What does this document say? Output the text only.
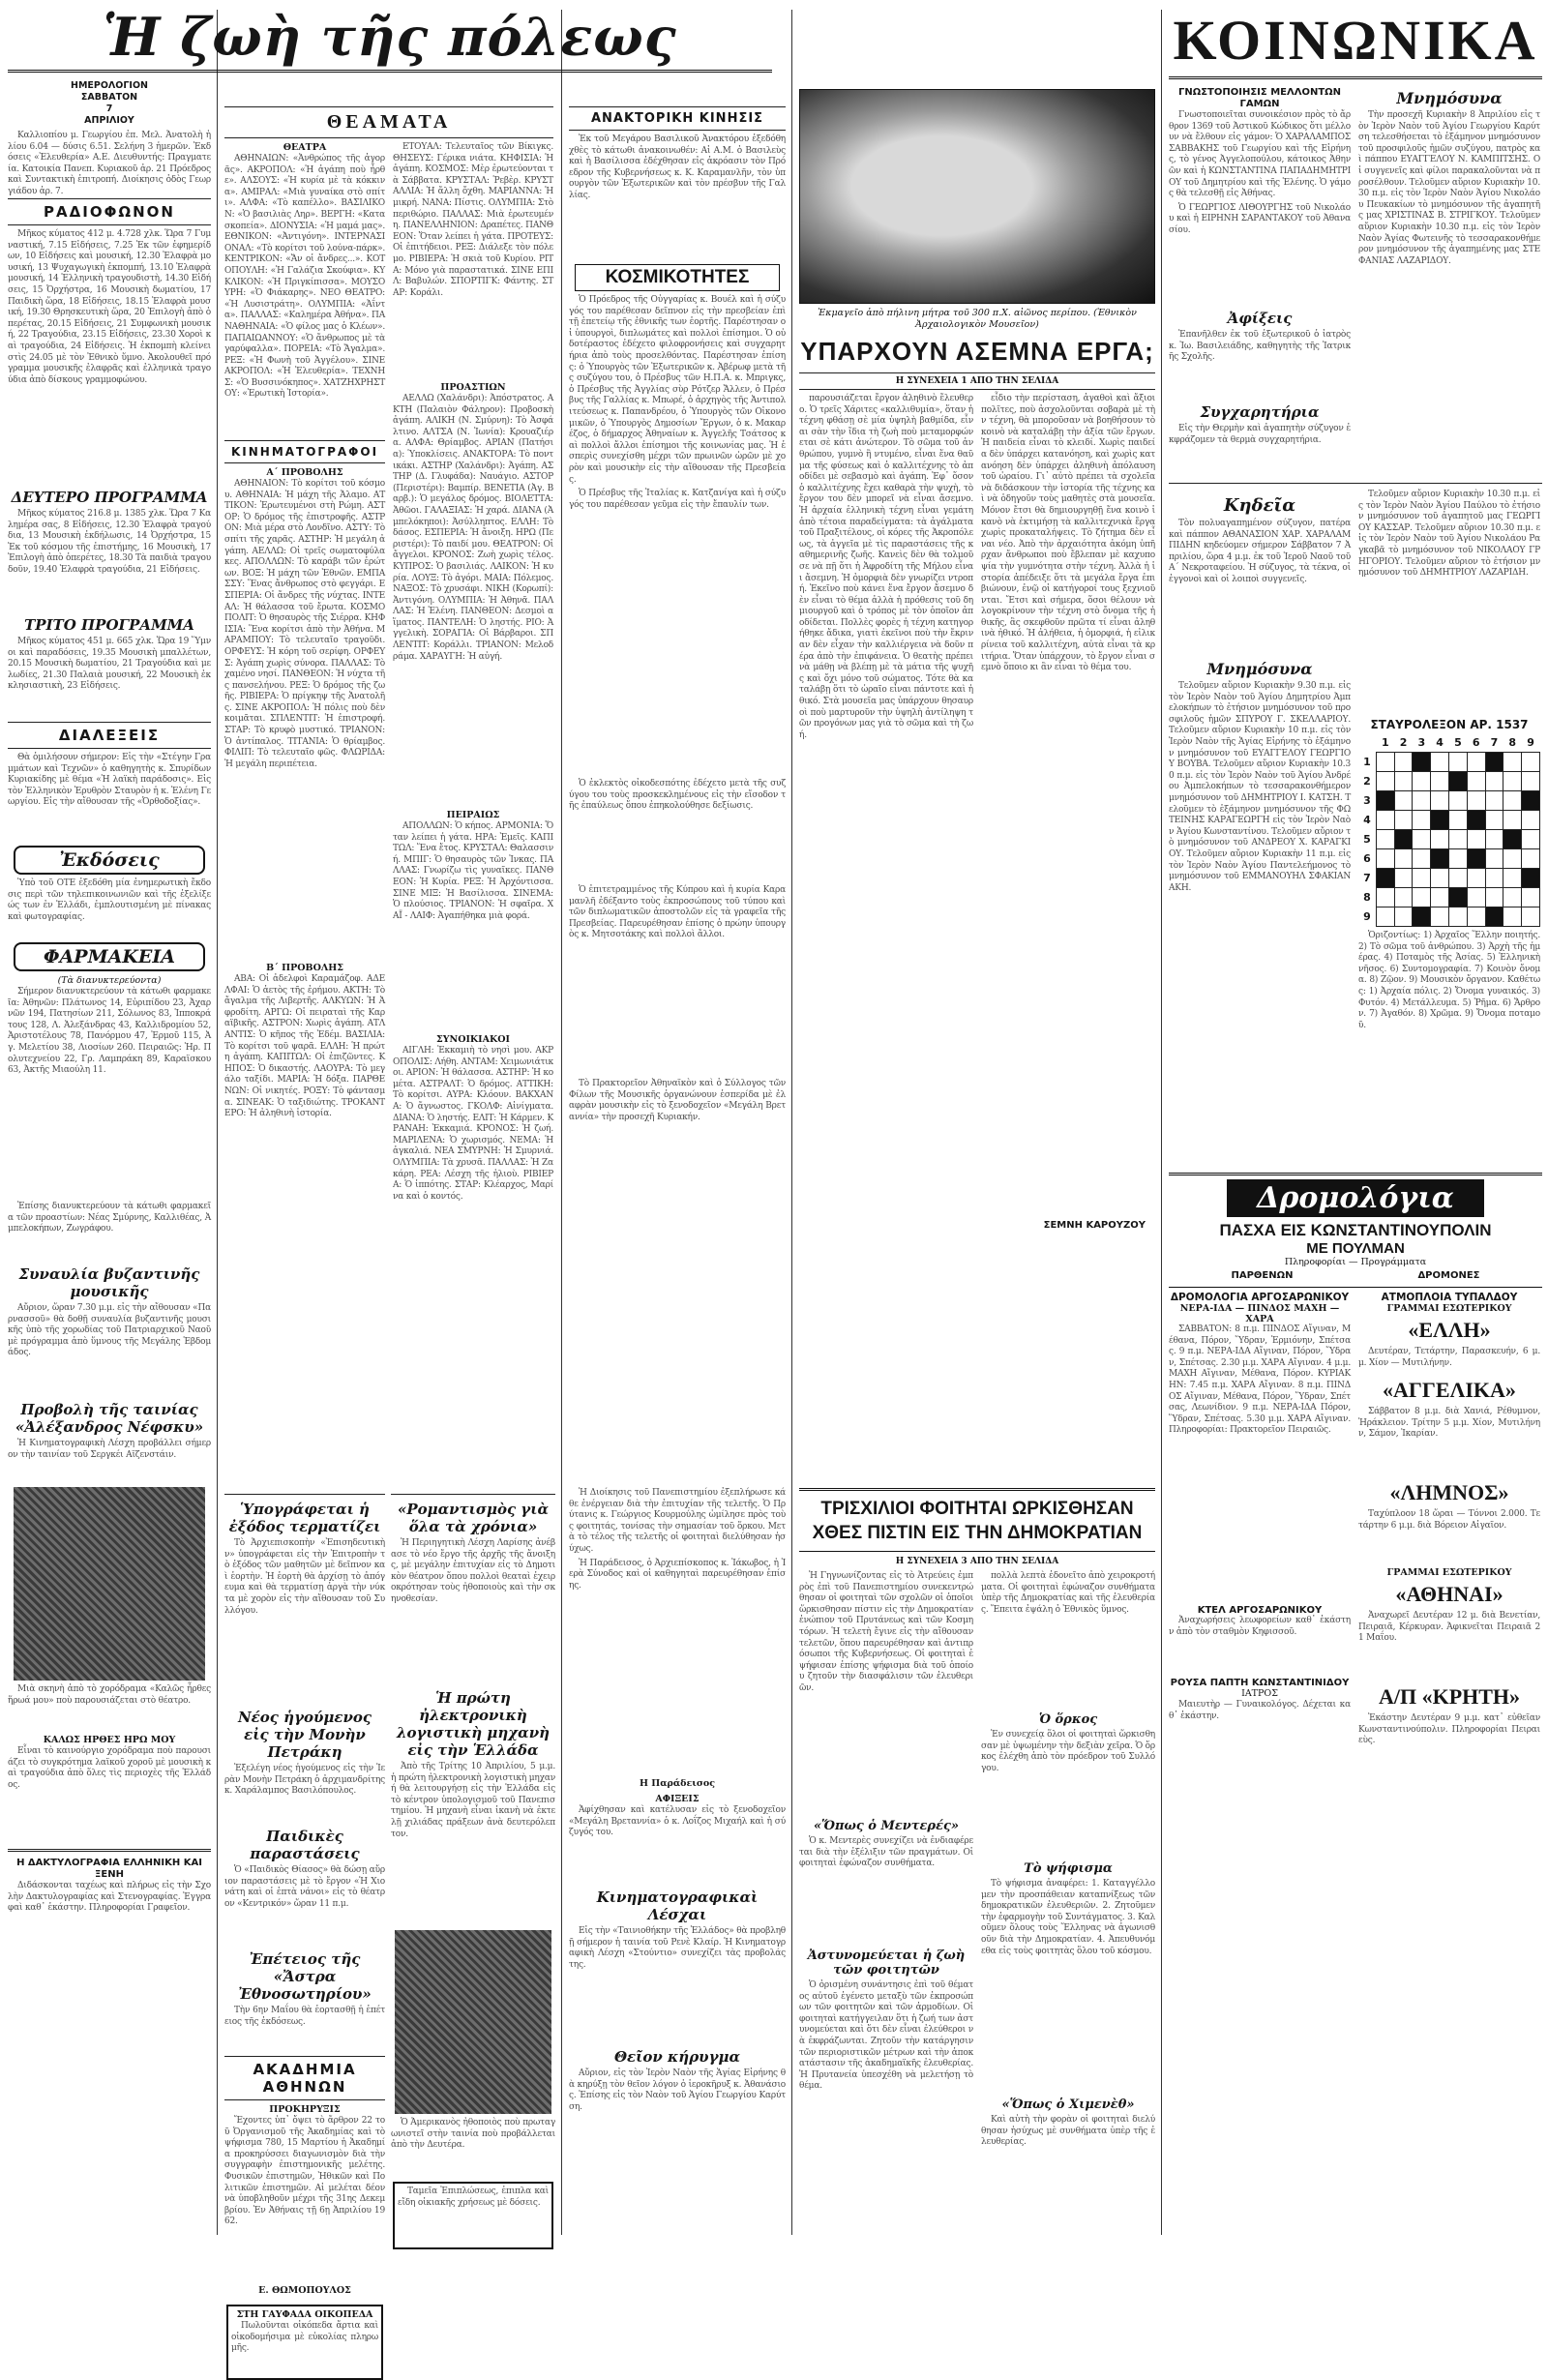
Ἡ ζωὴ τῆς πόλεως
ΗΜΕΡΟΛΟΓΙΟΝ
ΣΑΒΒΑΤΟΝ
7
ΑΠΡΙΛΙΟΥ

Καλλιοπίου μ. Γεωργίου ἐπ. Μελ. Ἀνατολὴ ἡλίου 6.04 — δύσις 6.51. Σελήνη 3 ἡμερῶν. Ἐκδόσεις «Ἐλευθερία» Α.Ε. Διευθυντής: Πραγματεία. Κατοικία Πανεπ. Κυριακοῦ ἀρ. 21 Πρόεδρος καὶ Συντακτικὴ ἐπιτροπή. Διοίκησις ὁδὸς Γεωργιάδου ἀρ. 7.

ΡΑΔΙΟΦΩΝΟΝ

Μῆκος κύματος 412 μ. 4.728 χλκ. Ὥρα 7 Γυμναστική, 7.15 Εἰδήσεις, 7.25 Ἐκ τῶν ἐφημερίδων, 10 Εἰδήσεις καὶ μουσική, 12.30 Ἐλαφρὰ μουσική, 13 Ψυχαγωγικὴ ἐκπομπή, 13.10 Ἐλαφρὰ μουσική, 14 Ἑλληνικὴ τραγουδιστὴ, 14.30 Εἰδήσεις, 15 Ὀρχήστρα, 16 Μουσικὴ δωματίου, 17 Παιδικὴ ὥρα, 18 Εἰδήσεις, 18.15 Ἐλαφρὰ μουσική, 19.30 Θρησκευτικὴ ὥρα, 20 Ἐπιλογὴ ἀπὸ ὀπερέτας, 20.15 Εἰδήσεις, 21 Συμφωνικὴ μουσική, 22 Τραγούδια, 23.15 Εἰδήσεις, 23.30 Χοροὶ καὶ τραγούδια, 24 Εἰδήσεις. Ἡ ἐκπομπὴ κλείνει στὶς 24.05 μὲ τὸν Ἐθνικὸ ὕμνο. Ἀκολουθεῖ πρόγραμμα μουσικῆς ἐλαφρᾶς καὶ ἑλληνικὰ τραγούδια ἀπὸ δίσκους γραμμοφώνου.

ΔΕΥΤΕΡΟ ΠΡΟΓΡΑΜΜΑ

Μῆκος κύματος 216.8 μ. 1385 χλκ. Ὥρα 7 Καλημέρα σας, 8 Εἰδήσεις, 12.30 Ἐλαφρὰ τραγούδια, 13 Μουσικὴ ἐκδήλωσις, 14 Ὀρχήστρα, 15 Ἐκ τοῦ κόσμου τῆς ἐπιστήμης, 16 Μουσικὴ, 17 Ἐπιλογὴ ἀπὸ ὀπερέτες, 18.30 Τὰ παιδιὰ τραγουδοῦν, 19.40 Ἐλαφρὰ τραγούδια, 21 Εἰδήσεις.

ΤΡΙΤΟ ΠΡΟΓΡΑΜΜΑ

Μῆκος κύματος 451 μ. 665 χλκ. Ὥρα 19 Ὕμνοι καὶ παραδόσεις, 19.35 Μουσικὴ μπαλλέτων, 20.15 Μουσικὴ δωματίου, 21 Τραγούδια καὶ μελωδίες, 21.30 Παλαιὰ μουσική, 22 Μουσικὴ ἐκκλησιαστικὴ, 23 Εἰδήσεις.

ΔΙΑΛΕΞΕΙΣ

Θὰ ὁμιλήσουν σήμερον: Εἰς τὴν «Στέγην Γραμμάτων καὶ Τεχνῶν» ὁ καθηγητὴς κ. Σπυρίδων Κυριακίδης μὲ θέμα «Ἡ λαϊκὴ παράδοσις». Εἰς τὸν Ἐλληνικὸν Ἐρυθρὸν Σταυρὸν ἡ κ. Ἑλένη Γεωργίου. Εἰς τὴν αἴθουσαν τῆς «Ὀρθοδοξίας».

Ἐκδόσεις

Ὑπὸ τοῦ ΟΤΕ ἐξεδόθη μία ἐνημερωτικὴ ἔκδοσις περὶ τῶν τηλεπικοινωνιῶν καὶ τῆς ἐξελίξεώς των ἐν Ἑλλάδι, ἐμπλουτισμένη μὲ πίνακας καὶ φωτογραφίας.

ΦΑΡΜΑΚΕΙΑ
(Τὰ διανυκτερεύοντα)

Σήμερον διανυκτερεύουν τὰ κάτωθι φαρμακεῖα: Ἀθηνῶν: Πλάτωνος 14, Εὐριπίδου 23, Ἀχαρνῶν 194, Πατησίων 211, Σόλωνος 83, Ἱπποκράτους 128, Λ. Ἀλεξάνδρας 43, Καλλιδρομίου 52, Ἀριστοτέλους 78, Πανόρμου 47, Ἐρμοῦ 115, Ἀγ. Μελετίου 38, Λιοσίων 260. Πειραιῶς: Ἡρ. Πολυτεχνείου 22, Γρ. Λαμπράκη 89, Καραϊσκου 63, Ἀκτῆς Μιαούλη 11.

Ἐπίσης διανυκτερεύουν τὰ κάτωθι φαρμακεῖα τῶν προαστίων: Νέας Σμύρνης, Καλλιθέας, Ἀμπελοκήπων, Ζωγράφου.

Συναυλία βυζαντινῆς μουσικῆς

Αὔριον, ὥραν 7.30 μ.μ. εἰς τὴν αἴθουσαν «Παρνασσοῦ» θὰ δοθῇ συναυλία βυζαντινῆς μουσικῆς ὑπὸ τῆς χορωδίας τοῦ Πατριαρχικοῦ Ναοῦ μὲ πρόγραμμα ἀπὸ ὕμνους τῆς Μεγάλης Ἑβδομάδος.

Προβολὴ τῆς ταινίας «Ἀλέξανδρος Νέφσκυ»

Ἡ Κινηματογραφικὴ Λέσχη προβάλλει σήμερον τὴν ταινίαν τοῦ Σεργκέι Αϊζενστάιν.

Μιὰ σκηνὴ ἀπὸ τὸ χορόδραμα «Καλῶς ἦρθες ἥρωά μου» ποὺ παρουσιάζεται στὸ θέατρο.

ΚΑΛΩΣ ΗΡΘΕΣ ΗΡΩ ΜΟΥ

Εἶναι τὸ καινούργιο χορόδραμα ποὺ παρουσιάζει τὸ συγκρότημα λαϊκοῦ χοροῦ μὲ μουσικὴ καὶ τραγούδια ἀπὸ ὅλες τὶς περιοχὲς τῆς Ἑλλάδος.

Η ΔΑΚΤΥΛΟΓΡΑΦΙΑ ΕΛΛΗΝΙΚΗ ΚΑΙ ΞΕΝΗ

Διδάσκονται ταχέως καὶ πλήρως εἰς τὴν Σχολὴν Δακτυλογραφίας καὶ Στενογραφίας. Ἐγγραφαὶ καθ᾽ ἑκάστην. Πληροφορίαι Γραφεῖον.

ΘΕΑΜΑΤΑ
ΘΕΑΤΡΑ

ΑΘΗΝΑΙΩΝ: «Ἀνθρώπος τῆς ἀγορᾶς». ΑΚΡΟΠΟΛ: «Ἡ ἀγάπη ποὺ ἦρθε». ΑΛΣΟΥΣ: «Ἡ κυρία μὲ τὰ κόκκινα». ΑΜΙΡΑΛ: «Μιὰ γυναίκα στὸ σπίτι». ΑΛΦΑ: «Τὸ καπέλλο». ΒΑΣΙΛΙΚΟΝ: «Ὁ βασιλιὰς Ληρ». ΒΕΡΓΗ: «Κατασκοπεία». ΔΙΟΝΥΣΙΑ: «Ἡ μαμά μας». ΕΘΝΙΚΟΝ: «Ἀντιγόνη». ΙΝΤΕΡΝΑΣΙΟΝΑΛ: «Τὸ κορίτσι τοῦ λούνα-πάρκ». ΚΕΝΤΡΙΚΟΝ: «Ἄν οἱ ἄνδρες...». ΚΟΤΟΠΟΥΛΗ: «Ἡ Γαλάζια Σκούφια». ΚΥΚΛΙΚΟΝ: «Ἡ Πριγκίπισσα». ΜΟΥΣΟΥΡΗ: «Ὁ Φιάκαρης». ΝΕΟ ΘΕΑΤΡΟ: «Ἡ Λυσιστράτη». ΟΛΥΜΠΙΑ: «Ἀΐντα». ΠΑΛΛΑΣ: «Καλημέρα Ἀθήνα». ΠΑΝΑΘΗΝΑΙΑ: «Ὁ φίλος μας ὁ Κλέων». ΠΑΠΑΙΩΑΝΝΟΥ: «Ὁ ἄνθρωπος μὲ τὰ γαρύφαλλα». ΠΟΡΕΙΑ: «Τὸ Ἄγαλμα». ΡΕΞ: «Ἡ Φωνὴ τοῦ Ἀγγέλου». ΣΙΝΕ ΑΚΡΟΠΟΛ: «Ἡ Ἐλευθερία». ΤΕΧΝΗΣ: «Ὁ Βυσσινόκηπος». ΧΑΤΖΗΧΡΗΣΤΟΥ: «Ἐρωτικὴ Ἱστορία».

ΚΙΝΗΜΑΤΟΓΡΑΦΟΙ
Α΄ ΠΡΟΒΟΛΗΣ

ΑΘΗΝΑΙΟΝ: Τὸ κορίτσι τοῦ κόσμου. ΑΘΗΝΑΙΑ: Ἡ μάχη τῆς Ἀλαμο. ΑΤΤΙΚΟΝ: Ἐρωτευμένοι στὴ Ρώμη. ΑΣΤΟΡ: Ὁ δρόμος τῆς ἐπιστροφῆς. ΑΣΤΡΟΝ: Μιὰ μέρα στὸ Λονδῖνο. ΑΣΤΥ: Τὸ σπίτι τῆς χαρᾶς. ΑΣΤΗΡ: Ἡ μεγάλη ἀγάπη. ΑΕΛΛΩ: Οἱ τρεῖς σωματοφύλακες. ΑΠΟΛΛΩΝ: Τὸ καράβι τῶν ἐρώτων. ΒΟΞ: Ἡ μάχη τῶν Ἐθνῶν. ΕΜΠΑΣΣΥ: Ἕνας ἄνθρωπος στὸ φεγγάρι. ΕΣΠΕΡΙΑ: Οἱ ἄνδρες τῆς νύχτας. ΙΝΤΕΑΛ: Ἡ θάλασσα τοῦ ἔρωτα. ΚΟΣΜΟΠΟΛΙΤ: Ὁ θησαυρὸς τῆς Σιέρρα. ΚΗΦΙΣΙΑ: Ἕνα κορίτσι ἀπὸ τὴν Ἀθήνα. ΜΑΡΑΜΠΟΥ: Τὸ τελευταῖο τραγοῦδι. ΟΡΦΕΥΣ: Ἡ κόρη τοῦ σερίφη. ΟΡΦΕΥΣ: Ἀγάπη χωρὶς σύνορα. ΠΑΛΛΑΣ: Τὸ χαμένο νησί. ΠΑΝΘΕΟΝ: Ἡ νύχτα τῆς πανσελήνου. ΡΕΞ: Ὁ δρόμος τῆς ζωῆς. ΡΙΒΙΕΡΑ: Ὁ πρίγκηψ τῆς Ἀνατολῆς. ΣΙΝΕ ΑΚΡΟΠΟΛ: Ἡ πόλις ποὺ δὲν κοιμᾶται. ΣΠΛΕΝΤΙΤ: Ἡ ἐπιστροφή. ΣΤΑΡ: Τὸ κρυφὸ μυστικό. ΤΡΙΑΝΟΝ: Ὁ ἀντίπαλος. ΤΙΤΑΝΙΑ: Ὁ θρίαμβος. ΦΙΛΙΠ: Τὸ τελευταῖο φῶς. ΦΛΩΡΙΔΑ: Ἡ μεγάλη περιπέτεια.

Β΄ ΠΡΟΒΟΛΗΣ

ΑΒΑ: Οἱ ἀδελφοὶ Καραμάζοφ. ΑΔΕΛΦΑΙ: Ὁ ἀετὸς τῆς ἐρήμου. ΑΚΤΗ: Τὸ ἄγαλμα τῆς Λιβερτῆς. ΑΛΚΥΩΝ: Ἡ Ἀφροδίτη. ΑΡΓΩ: Οἱ πειραταὶ τῆς Καραϊβικῆς. ΑΣΤΡΟΝ: Χωρὶς ἀγάπη. ΑΤΛΑΝΤΙΣ: Ὁ κῆπος τῆς Ἐδέμ. ΒΑΣΙΛΙΑ: Τὸ κορίτσι τοῦ ψαρᾶ. ΕΛΛΗ: Ἡ πρώτη ἀγάπη. ΚΑΠΙΤΩΛ: Οἱ ἐπιζῶντες. ΚΗΠΟΣ: Ὁ δικαστής. ΛΑΟΥΡΑ: Τὸ μεγάλο ταξίδι. ΜΑΡΙΑ: Ἡ δόξα. ΠΑΡΘΕΝΩΝ: Οἱ νικητές. ΡΟΞΥ: Τὸ φάντασμα. ΣΙΝΕΑΚ: Ὁ ταξιδιώτης. ΤΡΟΚΑΝΤΕΡΟ: Ἡ ἀληθινὴ ἱστορία.

ΕΤΟΥΑΛ: Τελευταῖος τῶν Βίκιγκς. ΘΗΣΕΥΣ: Γέρικα νιάτα. ΚΗΦΙΣΙΑ: Ἡ ἀγάπη. ΚΟΣΜΟΣ: Μὲρ ἐρωτεύονται τὰ Σάββατα. ΚΡΥΣΤΑΛ: Ῥεβὲρ. ΚΡΥΣΤΑΛΛΙΑ: Ἡ ἄλλη ὄχθη. ΜΑΡΙΑΝΝΑ: Ἡ μικρή. ΝΑΝΑ: Πίστις. ΟΛΥΜΠΙΑ: Στὸ περιθώριο. ΠΑΛΛΑΣ: Μιὰ ἐρωτευμένη. ΠΑΝΕΛΛΗΝΙΟΝ: Δραπέτες. ΠΑΝΘΕΟΝ: Ὅταν λείπει ἡ γάτα. ΠΡΟΤΕΥΣ: Οἱ ἐπιτήδειοι. ΡΕΞ: Διάλεξε τὸν πόλεμο. ΡΙΒΙΕΡΑ: Ἡ σκιὰ τοῦ Κυρίου. ΡΙΤΑ: Μόνο γιὰ παραστατικά. ΣΙΝΕ ΕΠΙΛ: Βαβυλών. ΣΠΟΡΤΙΓΚ: Φάντης. ΣΤΑΡ: Κοράλι.

ΠΡΟΑΣΤΙΩΝ

ΑΕΛΛΩ (Χαλάνδρι): Ἀπόστρατος. ΑΚΤΗ (Παλαιὸν Φάληρον): Προβοσκὴ ἀγάπη. ΑΛΙΚΗ (Ν. Σμύρνη): Τὸ Ἀσφάλτινο. ΑΛΤΣΑ (Ν. Ἰωνία): Κρουαζιέρα. ΑΛΦΑ: Θρίαμβος. ΑΡΙΑΝ (Πατήσια): Ὑποκλίσεις. ΑΝΑΚΤΟΡΑ: Τὸ ποντικάκι. ΑΣΤΗΡ (Χαλάνδρι): Ἀγάπη. ΑΣΤΗΡ (Δ. Γλυφάδα): Ναυάγιο. ΑΣΤΟΡ (Περιστέρι): Βαμπίρ. ΒΕΝΕΤΙΑ (Ἀγ. Βαρβ.): Ὁ μεγάλος δρόμος. ΒΙΟΛΕΤΤΑ: Ἀθῶοι. ΓΑΛΑΞΙΑΣ: Ἡ χαρά. ΔΙΑΝΑ (Ἀμπελόκηποι): Ἀσύλληπτος. ΕΛΛΗ: Τὸ δάσος. ΕΣΠΕΡΙΑ: Ἡ ἄνοιξη. ΗΡΩ (Περιστέρι): Τὸ παιδί μου. ΘΕΑΤΡΟΝ: Οἱ ἄγγελοι. ΚΡΟΝΟΣ: Ζωὴ χωρὶς τέλος. ΚΥΠΡΟΣ: Ὁ βασιλιάς. ΛΑΙΚΟΝ: Ἡ κυρία. ΛΟΥΞ: Τὸ ἀγόρι. ΜΑΙΑ: Πόλεμος. ΝΑΞΟΣ: Τὸ χρυσάφι. ΝΙΚΗ (Κορωπί): Ἀντιγόνη. ΟΛΥΜΠΙΑ: Ἡ Ἀθηνᾶ. ΠΑΛΛΑΣ: Ἡ Ἑλένη. ΠΑΝΘΕΟΝ: Δεσμοὶ αἵματος. ΠΑΝΤΕΛΗ: Ὁ ληστής. ΡΙΟ: Ἀγγελικὴ. ΣΟΡΑΓΙΑ: Οἱ Βάρβαροι. ΣΠΛΕΝΤΙΤ: Κοράλλι. ΤΡΙΑΝΟΝ: Μελοδράμα. ΧΑΡΑΥΓΗ: Ἡ αὐγή.

ΠΕΙΡΑΙΩΣ

ΑΠΟΛΛΩΝ: Ὁ κήπος. ΑΡΜΟΝΙΑ: Ὅταν λείπει ἡ γάτα. ΗΡΑ: Ἐμεῖς. ΚΑΠΙΤΩΛ: Ἕνα ἔτος. ΚΡΥΣΤΑΛ: Θαλασσινή. ΜΠΙΓ: Ὁ θησαυρὸς τῶν Ἰνκας. ΠΑΛΛΑΣ: Γνωρίζω τὶς γυναῖκες. ΠΑΝΘΕΟΝ: Ἡ Κυρία. ΡΕΞ: Ἡ Ἀρχόντισσα. ΣΙΝΕ ΜΙΞ: Ἡ Βασίλισσα. ΣΙΝΕΜΑ: Ὁ πλούσιος. ΤΡΙΑΝΟΝ: Ἡ σφαῖρα. ΧΑΪ - ΛΑΙΦ: Ἀγαπήθηκα μιὰ φορά.

ΣΥΝΟΙΚΙΑΚΟΙ

ΑΙΓΛΗ: Ἐκκαμιὴ τὸ νησὶ μου. ΑΚΡΟΠΟΛΙΣ: Λήθη. ΑΝΤΑΜ: Χειμωνιάτικοι. ΑΡΙΟΝ: Ἡ θάλασσα. ΑΣΤΗΡ: Ἡ κομέτα. ΑΣΤΡΑΛΤ: Ὁ δρόμος. ΑΤΤΙΚΗ: Τὸ κορίτσι. ΑΥΡΑ: Κλόουν. ΒΑΚΧΑΝΑ: Ὁ ἄγνωστος. ΓΚΟΛΦ: Αἰνίγματα. ΔΙΑΝΑ: Ὁ ληστής. ΕΛΙΤ: Ἡ Κάρμεν. ΚΡΑΝΑΗ: Ἐκκαμιά. ΚΡΟΝΟΣ: Ἡ ζωή. ΜΑΡΙΛΕΝΑ: Ὁ χωρισμός. ΝΕΜΑ: Ἡ ἀγκαλιά. ΝΕΑ ΣΜΥΡΝΗ: Ἡ Σμυρνιά. ΟΛΥΜΠΙΑ: Τὰ χρυσᾶ. ΠΑΛΛΑΣ: Ἡ Ζακάρη. ΡΕΑ: Λέσχη τῆς ἡλιοὺ. ΡΙΒΙΕΡΑ: Ὁ ἰππότης. ΣΤΑΡ: Κλέαρχος, Μαρίνα καὶ ὁ κοντός.

Ὑπογράφεται ἡ ἐξόδος τερματίζει

Τὸ Ἀρχιεπισκοπὴν «Ἐπισηδευτικὴν» ὑπογράφεται εἰς τὴν Ἐπιτροπὴν τὸ ἐξόδος τῶν μαθητῶν μὲ δεῖπνον καὶ ἑορτὴν. Ἡ ἑορτὴ θὰ ἀρχίσῃ τὸ ἀπόγευμα καὶ θὰ τερματίσῃ ἀργὰ τὴν νύκτα μὲ χορὸν εἰς τὴν αἴθουσαν τοῦ Συλλόγου.

Νέος ἡγούμενος εἰς τὴν Μονὴν Πετράκη

Ἐξελέγη νέος ἡγούμενος εἰς τὴν Ἱερὰν Μονὴν Πετράκη ὁ ἀρχιμανδρίτης κ. Χαράλαμπος Βασιλόπουλος.

Παιδικὲς παραστάσεις

Ὁ «Παιδικὸς Θίασος» θὰ δώσῃ αὔριον παραστάσεις μὲ τὸ ἔργον «Ἡ Χιονάτη καὶ οἱ ἑπτὰ νάνοι» εἰς τὸ θέατρον «Κεντρικόν» ὥραν 11 π.μ.

Ἐπέτειος τῆς «Ἄστρα Ἐθνοσωτηρίου»

Τὴν 6ην Μαΐου θὰ ἑορτασθῇ ἡ ἐπέτειος τῆς ἐκδόσεως.

ΑΚΑΔΗΜΙΑ ΑΘΗΝΩΝ
ΠΡΟΚΗΡΥΞΙΣ

Ἔχοντες ὑπ᾽ ὄψει τὸ ἄρθρον 22 τοῦ Ὀργανισμοῦ τῆς Ἀκαδημίας καὶ τὸ ψήφισμα 780, 15 Μαρτίου ἡ Ἀκαδημία προκηρύσσει διαγωνισμὸν διὰ τὴν συγγραφὴν ἐπιστημονικῆς μελέτης. Φυσικῶν ἐπιστημῶν, Ἠθικῶν καὶ Πολιτικῶν ἐπιστημῶν. Αἱ μελέται δέον νὰ ὑποβληθοῦν μέχρι τῆς 31ης Δεκεμβρίου. Ἐν Ἀθήναις τῇ 6ῃ Ἀπριλίου 1962.

Ε. ΘΩΜΟΠΟΥΛΟΣ
ΣΤΗ ΓΑΥΦΑΔΑ ΟΙΚΟΠΕΔΑ

Πωλοῦνται οἰκόπεδα ἄρτια καὶ οἰκοδομήσιμα μὲ εὐκολίας πληρωμῆς.

«Ρομαντισμὸς γιὰ ὅλα τὰ χρόνια»

Ἡ Περιηγητικὴ Λέσχη Λαρίσης ἀνέβασε τὸ νέο ἔργο τῆς ἀρχῆς τῆς ἄνοιξης, μὲ μεγάλην ἐπιτυχίαν εἰς τὸ Δημοτικὸν θέατρον ὅπου πολλοὶ θεαταὶ ἐχειροκρότησαν τοὺς ἠθοποιοὺς καὶ τὴν σκηνοθεσίαν.

Ἡ πρώτη ἠλεκτρονικὴ λογιστικὴ μηχανὴ εἰς τὴν Ἑλλάδα

Ἀπὸ τῆς Τρίτης 10 Ἀπριλίου, 5 μ.μ. ἡ πρώτη ἠλεκτρονικὴ λογιστικὴ μηχανή θὰ λειτουργήσῃ εἰς τὴν Ἑλλάδα εἰς τὸ κέντρον ὑπολογισμοῦ τοῦ Πανεπιστημίου. Ἡ μηχανὴ εἶναι ἱκανὴ νὰ ἐκτελῇ χιλιάδας πράξεων ἀνὰ δευτερόλεπτον.

Ὁ Ἀμερικανὸς ἠθοποιὸς ποὺ πρωταγωνιστεῖ στὴν ταινία ποὺ προβάλλεται ἀπὸ τὴν Δευτέρα.

Ταμεῖα Ἐπιπλώσεως, ἐπιπλα καὶ εἴδη οἰκιακῆς χρήσεως μὲ δόσεις.

ΑΝΑΚΤΟΡΙΚΗ ΚΙΝΗΣΙΣ

Ἐκ τοῦ Μεγάρου Βασιλικοῦ Ἀνακτόρου ἐξεδόθη χθὲς τὸ κάτωθι ἀνακοινωθέν: Αἱ Α.Μ. ὁ Βασιλεὺς καὶ ἡ Βασίλισσα ἐδέχθησαν εἰς ἀκρόασιν τὸν Πρόεδρον τῆς Κυβερνήσεως κ. Κ. Καραμανλῆν, τὸν ὑπουργὸν τῶν Ἐξωτερικῶν καὶ τὸν πρέσβυν τῆς Γαλλίας.

ΚΟΣΜΙΚΟΤΗΤΕΣ

Ὁ Πρόεδρος τῆς Οὐγγαρίας κ. Βουέλ καὶ ἡ σύζυγός του παρέθεσαν δεῖπνον εἰς τὴν πρεσβείαν ἐπὶ τῇ ἐπετείῳ τῆς ἐθνικῆς των ἑορτῆς. Παρέστησαν οἱ ὑπουργοὶ, διπλωμάτες καὶ πολλοὶ ἐπίσημοι. Ὁ οὑδοτέραστος ἐδέχετο φιλοφρονήσεις καὶ συγχαρητήρια ἀπὸ τοὺς προσελθόντας. Παρέστησαν ἐπίσης: ὁ Ὑπουργὸς τῶν Ἐξωτερικῶν κ. Ἀβέρωφ μετὰ τῆς συζύγου του, ὁ Πρέσβυς τῶν Η.Π.Α. κ. Μπριγκς, ὁ Πρέσβυς τῆς Ἀγγλίας σὺρ Ρότζερ Ἄλλεν, ὁ Πρέσβυς τῆς Γαλλίας κ. Μπωρέ, ὁ ἀρχηγὸς τῆς Ἀντιπολιτεύσεως κ. Παπανδρέου, ὁ Ὑπουργὸς τῶν Οἰκονομικῶν, ὁ Ὑπουργὸς Δημοσίων Ἔργων, ὁ κ. Μακαρέζος, ὁ δήμαρχος Ἀθηναίων κ. Ἀγγελῆς Τσάτσος καὶ πολλοὶ ἄλλοι ἐπίσημοι τῆς κοινωνίας μας. Ἡ ἑσπερὶς συνεχίσθη μέχρι τῶν πρωινῶν ὡρῶν μὲ χορὸν καὶ μουσικὴν εἰς τὴν αἴθουσαν τῆς Πρεσβείας.

Ὁ Πρέσβυς τῆς Ἰταλίας κ. Κατζανίγα καὶ ἡ σύζυγός του παρέθεσαν γεῦμα εἰς τὴν ἔπαυλίν των.

Ὁ ἐκλεκτὸς οἰκοδεσπότης ἐδέχετο μετὰ τῆς συζύγου του τοὺς προσκεκλημένους εἰς τὴν εἴσοδον τῆς ἐπαύλεως ὅπου ἐπηκολούθησε δεξίωσις.

Ὁ ἐπιτετραμμένος τῆς Κύπρου καὶ ἡ κυρία Καραμανλῆ ἐδέξαντο τοὺς ἐκπροσώπους τοῦ τύπου καὶ τῶν διπλωματικῶν ἀποστολῶν εἰς τὰ γραφεῖα τῆς Πρεσβείας. Παρευρέθησαν ἐπίσης ὁ πρώην ὑπουργὸς κ. Μητσοτάκης καὶ πολλοὶ ἄλλοι.

Τὸ Πρακτορεῖον Ἀθηναϊκὸν καὶ ὁ Σύλλογος τῶν Φίλων τῆς Μουσικῆς ὀργανώνουν ἑσπερίδα μὲ ἐλαφρὰν μουσικὴν εἰς τὸ ξενοδοχεῖον «Μεγάλη Βρεταννία» τὴν προσεχῆ Κυριακήν.

Ἡ Διοίκησις τοῦ Πανεπιστημίου ἐξεπλήρωσε κάθε ἐνέργειαν διὰ τὴν ἐπιτυχίαν τῆς τελετῆς. Ὁ Πρύτανις κ. Γεώργιος Κουρμούλης ὡμίλησε πρὸς τοὺς φοιτητάς, τονίσας τὴν σημασίαν τοῦ ὅρκου. Μετὰ τὸ τέλος τῆς τελετῆς οἱ φοιτηταὶ διελύθησαν ἡσύχως.

Ἡ Παράδεισος, ὁ Ἀρχιεπίσκοπος κ. Ἰάκωβος, ἡ Ἱερὰ Σύνοδος καὶ οἱ καθηγηταὶ παρευρέθησαν ἐπίσης.

Η Παράδεισος
ΑΦΙΞΕΙΣ

Ἀφίχθησαν καὶ κατέλυσαν εἰς τὸ ξενοδοχεῖον «Μεγάλη Βρεταννία» ὁ κ. Λοΐζος Μιχαήλ καὶ ἡ σύζυγός του.

Κινηματογραφικαὶ Λέσχαι

Εἰς τὴν «Ταινιοθήκην τῆς Ἑλλάδος» θὰ προβληθῇ σήμερον ἡ ταινία τοῦ Ρενὲ Κλαίρ. Ἡ Κινηματογραφικὴ Λέσχη «Στούντιο» συνεχίζει τὰς προβολάς της.

Θεῖον κήρυγμα

Αὔριον, εἰς τὸν Ἱερὸν Ναὸν τῆς Ἁγίας Εἰρήνης θὰ κηρύξῃ τὸν θεῖον λόγον ὁ ἱεροκῆρυξ κ. Ἀθανάσιος. Ἐπίσης εἰς τὸν Ναὸν τοῦ Ἁγίου Γεωργίου Καρύτση.

Ἐκμαγεῖο ἀπὸ πήλινη μήτρα τοῦ 300 π.Χ. αἰῶνος περίπου. (Ἐθνικὸν Ἀρχαιολογικὸν Μουσεῖον)
ΥΠΑΡΧΟΥΝ ΑΣΕΜΝΑ ΕΡΓΑ;
Η ΣΥΝΕΧΕΙΑ 1 ΑΠΟ ΤΗΝ ΣΕΛΙΔΑ

παρουσιάζεται ἔργον ἀληθινὸ ἔλευθερο. Ὁ τρεῖς Χάριτες «καλλιθυμία», ὅταν ἡ τέχνη φθάσῃ σὲ μία ὑψηλὴ βαθμίδα, εἶναι σὰν τὴν ἴδια τὴ ζωὴ ποὺ μεταμορφώνεται σὲ κάτι ἀνώτερον. Τὸ σῶμα τοῦ ἀνθρώπου, γυμνὸ ἢ ντυμένο, εἶναι ἕνα θαῦμα τῆς φύσεως καὶ ὁ καλλιτέχνης τὸ ἀποδίδει μὲ σεβασμὸ καὶ ἀγάπη. Ἐφ᾽ ὅσον ὁ καλλιτέχνης ἔχει καθαρὰ τὴν ψυχὴ, τὸ ἔργον του δὲν μπορεῖ νὰ εἶναι ἄσεμνο. Ἡ ἀρχαία ἑλληνικὴ τέχνη εἶναι γεμάτη ἀπὸ τέτοια παραδείγματα: τὰ ἀγάλματα τοῦ Πραξιτέλους, οἱ κόρες τῆς Ἀκροπόλεως, τὰ ἀγγεῖα μὲ τὶς παραστάσεις τῆς καθημερινῆς ζωῆς. Κανεὶς δὲν θὰ τολμοῦσε νὰ πῇ ὅτι ἡ Ἀφροδίτη τῆς Μήλου εἶναι ἄσεμνη. Ἡ ὀμορφιὰ δὲν γνωρίζει ντροπή. Ἐκεῖνο ποὺ κάνει ἕνα ἔργον ἄσεμνο δὲν εἶναι τὸ θέμα ἀλλὰ ἡ πρόθεσις τοῦ δημιουργοῦ καὶ ὁ τρόπος μὲ τὸν ὁποῖον ἀποδίδεται. Πολλὲς φορὲς ἡ τέχνη κατηγορήθηκε ἄδικα, γιατὶ ἐκεῖνοι ποὺ τὴν ἔκριναν δὲν εἶχαν τὴν καλλιέργεια νὰ δοῦν πέρα ἀπὸ τὴν ἐπιφάνεια. Ὁ θεατὴς πρέπει νὰ μάθῃ νὰ βλέπῃ μὲ τὰ μάτια τῆς ψυχῆς καὶ ὄχι μόνο τοῦ σώματος. Τότε θὰ καταλάβῃ ὅτι τὸ ὡραῖο εἶναι πάντοτε καὶ ἠθικό. Στὰ μουσεῖα μας ὑπάρχουν θησαυροὶ ποὺ μαρτυροῦν τὴν ὑψηλὴ ἀντίληψη τῶν προγόνων μας γιὰ τὸ σῶμα καὶ τὴ ζωή.

εἶδιο τὴν περίσταση, ἀγαθοὶ καὶ ἄξιοι πολῖτες, ποὺ ἀσχολοῦνται σοβαρὰ μὲ τὴν τέχνη, θὰ μποροῦσαν νὰ βοηθήσουν τὸ κοινὸ νὰ καταλάβῃ τὴν ἀξία τῶν ἔργων. Ἡ παιδεία εἶναι τὸ κλειδί. Χωρὶς παιδεία δὲν ὑπάρχει κατανόηση, καὶ χωρὶς κατανόηση δὲν ὑπάρχει ἀληθινὴ ἀπόλαυση τοῦ ὡραίου. Γι᾽ αὐτὸ πρέπει τὰ σχολεῖα νὰ διδάσκουν τὴν ἱστορία τῆς τέχνης καὶ νὰ ὁδηγοῦν τοὺς μαθητὲς στὰ μουσεῖα. Μόνον ἔτσι θὰ δημιουργηθῇ ἕνα κοινὸ ἱκανὸ νὰ ἐκτιμήσῃ τὰ καλλιτεχνικὰ ἔργα χωρὶς προκαταλήψεις. Τὸ ζήτημα δὲν εἶναι νέο. Ἀπὸ τὴν ἀρχαιότητα ἀκόμη ὑπῆρχαν ἄνθρωποι ποὺ ἔβλεπαν μὲ καχυποψία τὴν γυμνότητα στὴν τέχνη. Ἀλλὰ ἡ ἱστορία ἀπέδειξε ὅτι τὰ μεγάλα ἔργα ἐπιβιώνουν, ἐνῷ οἱ κατήγοροί τους ξεχνιοῦνται. Ἔτσι καὶ σήμερα, ὅσοι θέλουν νὰ λογοκρίνουν τὴν τέχνη στὸ ὄνομα τῆς ἠθικῆς, ἂς σκεφθοῦν πρῶτα τί εἶναι ἀληθινὰ ἠθικό. Ἡ ἀλήθεια, ἡ ὀμορφιά, ἡ εἰλικρίνεια τοῦ καλλιτέχνη, αὐτὰ εἶναι τὰ κριτήρια. Ὅταν ὑπάρχουν, τὸ ἔργον εἶναι σεμνὸ ὅποιο κι ἂν εἶναι τὸ θέμα του.

ΣΕΜΝΗ ΚΑΡΟΥΖΟΥ
ΤΡΙΣΧΙΛΙΟΙ ΦΟΙΤΗΤΑΙ ΩΡΚΙΣΘΗΣΑΝ ΧΘΕΣ ΠΙΣΤΙΝ ΕΙΣ ΤΗΝ ΔΗΜΟΚΡΑΤΙΑΝ
Η ΣΥΝΕΧΕΙΑ 3 ΑΠΟ ΤΗΝ ΣΕΛΙΔΑ

Ἡ Γηγνωνίζοντας εἰς τὸ Ἀτρεύεις ἐμπρὸς ἐπὶ τοῦ Πανεπιστημίου συνεκεντρώθησαν οἱ φοιτηταὶ τῶν σχολῶν οἱ ὁποῖοι ὥρκισθησαν πίστιν εἰς τὴν Δημοκρατίαν ἐνώπιον τοῦ Πρυτάνεως καὶ τῶν Κοσμητόρων. Ἡ τελετὴ ἔγινε εἰς τὴν αἴθουσαν τελετῶν, ὅπου παρευρέθησαν καὶ ἀντιπρόσωποι τῆς Κυβερνήσεως. Οἱ φοιτηταὶ ἐψήφισαν ἐπίσης ψήφισμα διὰ τοῦ ὁποίου ζητοῦν τὴν διασφάλισιν τῶν ἐλευθεριῶν.

«Ὅπως ὁ Μεντερές»

Ὁ κ. Μεντερὲς συνεχίζει νὰ ἐνδιαφέρεται διὰ τὴν ἐξέλιξιν τῶν πραγμάτων. Οἱ φοιτηταὶ ἐφώναζον συνθήματα.

Ἀστυνομεύεται ἡ ζωὴ τῶν φοιτητῶν

Ὁ ὀρισμένη συνάντησις ἐπὶ τοῦ θέματος αὐτοῦ ἐγένετο μεταξὺ τῶν ἐκπροσώπων τῶν φοιτητῶν καὶ τῶν ἀρμοδίων. Οἱ φοιτηταὶ κατήγγειλαν ὅτι ἡ ζωή των ἀστυνομεύεται καὶ ὅτι δὲν εἶναι ἐλεύθεροι νὰ ἐκφράζωνται. Ζητοῦν τὴν κατάργησιν τῶν περιοριστικῶν μέτρων καὶ τὴν ἀποκατάστασιν τῆς ἀκαδημαϊκῆς ἐλευθερίας. Ἡ Πρυτανεία ὑπεσχέθη νὰ μελετήσῃ τὸ θέμα.

πολλὰ λεπτὰ ἐδονεῖτο ἀπὸ χειροκροτήματα. Οἱ φοιτηταὶ ἐφώναζον συνθήματα ὑπὲρ τῆς Δημοκρατίας καὶ τῆς ἐλευθερίας. Ἔπειτα ἐψάλη ὁ Ἐθνικὸς ὕμνος.

Ὁ ὅρκος

Ἐν συνεχείᾳ ὅλοι οἱ φοιτηταὶ ὥρκισθησαν μὲ ὑψωμένην τὴν δεξιὰν χεῖρα. Ὁ ὅρκος ἐλέχθη ἀπὸ τὸν πρόεδρον τοῦ Συλλόγου.

Τὸ ψήφισμα

Τὸ ψήφισμα ἀναφέρει: 1. Καταγγέλλομεν τὴν προσπάθειαν καταπνίξεως τῶν δημοκρατικῶν ἐλευθεριῶν. 2. Ζητοῦμεν τὴν ἐφαρμογὴν τοῦ Συντάγματος. 3. Καλοῦμεν ὅλους τοὺς Ἕλληνας νὰ ἀγωνισθοῦν διὰ τὴν Δημοκρατίαν. 4. Ἀπευθυνόμεθα εἰς τοὺς φοιτητὰς ὅλου τοῦ κόσμου.

«Ὅπως ὁ Χιμενὲθ»

Καὶ αὐτὴ τὴν φορὰν οἱ φοιτηταὶ διελύθησαν ἡσύχως μὲ συνθήματα ὑπὲρ τῆς ἐλευθερίας.

ΚΟΙΝΩΝΙΚΑ
ΓΝΩΣΤΟΠΟΙΗΣΙΣ ΜΕΛΛΟΝΤΩΝ ΓΑΜΩΝ

Γνωστοποιεῖται συνοικέσιον πρὸς τὸ ἄρθρον 1369 τοῦ Ἀστικοῦ Κώδικος ὅτι μέλλουν νὰ ἔλθουν εἰς γάμον: Ὁ ΧΑΡΑΛΑΜΠΟΣ ΣΑΒΒΑΚΗΣ τοῦ Γεωργίου καὶ τῆς Εἰρήνης, τὸ γένος Ἀγγελοπούλου, κάτοικος Ἀθηνῶν καὶ ἡ ΚΩΝΣΤΑΝΤΙΝΑ ΠΑΠΑΔΗΜΗΤΡΙΟΥ τοῦ Δημητρίου καὶ τῆς Ἑλένης. Ὁ γάμος θὰ τελεσθῇ εἰς Ἀθήνας.

Ὁ ΓΕΩΡΓΙΟΣ ΛΙΘΟΥΡΓΗΣ τοῦ Νικολάου καὶ ἡ ΕΙΡΗΝΗ ΣΑΡΑΝΤΑΚΟΥ τοῦ Ἀθανασίου.

Ἀφίξεις

Ἐπανῆλθεν ἐκ τοῦ ἐξωτερικοῦ ὁ ἰατρὸς κ. Ἰω. Βασιλειάδης, καθηγητὴς τῆς Ἰατρικῆς Σχολῆς.

Συγχαρητήρια

Εἰς τὴν Θερμὴν καὶ ἀγαπητὴν σύζυγον ἐκφράζομεν τὰ θερμὰ συγχαρητήρια.

Μνημόσυνα

Τὴν προσεχῆ Κυριακὴν 8 Ἀπριλίου εἰς τὸν Ἱερὸν Ναὸν τοῦ Ἁγίου Γεωργίου Καρύτση τελεσθήσεται τὸ ἑξάμηνον μνημόσυνον τοῦ προσφιλοῦς ἡμῶν συζύγου, πατρὸς καὶ πάππου ΕΥΑΓΓΕΛΟΥ Ν. ΚΑΜΠΙΤΣΗΣ. Οἱ συγγενεῖς καὶ φίλοι παρακαλοῦνται νὰ προσέλθουν. Τελοῦμεν αὔριον Κυριακὴν 10.30 π.μ. εἰς τὸν Ἱερὸν Ναὸν Ἁγίου Νικολάου Πευκακίων τὸ μνημόσυνον τῆς ἀγαπητῆς μας ΧΡΙΣΤΙΝΑΣ Β. ΣΤΡΙΓΚΟΥ. Τελοῦμεν αὔριον Κυριακὴν 10.30 π.μ. εἰς τὸν Ἱερὸν Ναὸν Ἁγίας Φωτεινῆς τὸ τεσσαρακονθήμερον μνημόσυνον τῆς ἀγαπημένης μας ΣΤΕΦΑΝΙΑΣ ΛΑΖΑΡΙΔΟΥ.

Κηδεῖα

Τὸν πολυαγαπημένον σύζυγον, πατέρα καὶ πάππον ΑΘΑΝΑΣΙΟΝ ΧΑΡ. ΧΑΡΑΛΑΜΠΙΔΗΝ κηδεύομεν σήμερον Σάββατον 7 Ἀπριλίου, ὥρα 4 μ.μ. ἐκ τοῦ Ἱεροῦ Ναοῦ τοῦ Α΄ Νεκροταφείου. Ἡ σύζυγος, τὰ τέκνα, οἱ ἐγγονοὶ καὶ οἱ λοιποὶ συγγενεῖς.

Μνημόσυνα

Τελοῦμεν αὔριον Κυριακὴν 9.30 π.μ. εἰς τὸν Ἱερὸν Ναὸν τοῦ Ἁγίου Δημητρίου Ἀμπελοκήπων τὸ ἐτήσιον μνημόσυνον τοῦ προσφιλοῦς ἡμῶν ΣΠΥΡΟΥ Γ. ΣΚΕΛΛΑΡΙΟΥ. Τελοῦμεν αὔριον Κυριακὴν 10 π.μ. εἰς τὸν Ἱερὸν Ναὸν τῆς Ἁγίας Εἰρήνης τὸ ἑξάμηνον μνημόσυνον τοῦ ΕΥΑΓΓΕΛΟΥ ΓΕΩΡΓΙΟΥ ΒΟΥΒΑ. Τελοῦμεν αὔριον Κυριακὴν 10.30 π.μ. εἰς τὸν Ἱερὸν Ναὸν τοῦ Ἁγίου Ἀνδρέου Ἀμπελοκήπων τὸ τεσσαρακονθήμερον μνημόσυνον τοῦ ΔΗΜΗΤΡΙΟΥ Ι. ΚΑΤΣΗ. Τελοῦμεν τὸ ἑξάμηνον μνημόσυνον τῆς ΦΩΤΕΙΝΗΣ ΚΑΡΑΓΕΩΡΓΗ εἰς τὸν Ἱερὸν Ναὸν Ἁγίου Κωνσταντίνου. Τελοῦμεν αὔριον τὸ μνημόσυνον τοῦ ΑΝΔΡΕΟΥ Χ. ΚΑΡΑΓΚΙΟΥ. Τελοῦμεν αὔριον Κυριακὴν 11 π.μ. εἰς τὸν Ἱερὸν Ναὸν Ἁγίου Παντελεήμονος τὸ μνημόσυνον τοῦ ΕΜΜΑΝΟΥΗΛ ΣΦΑΚΙΑΝΑΚΗ.

Τελοῦμεν αὔριον Κυριακὴν 10.30 π.μ. εἰς τὸν Ἱερὸν Ναὸν Ἁγίου Παύλου τὸ ἐτήσιον μνημόσυνον τοῦ ἀγαπητοῦ μας ΓΕΩΡΓΙΟΥ ΚΑΣΣΑΡ. Τελοῦμεν αὔριον 10.30 π.μ. εἰς τὸν Ἱερὸν Ναὸν τοῦ Ἁγίου Νικολάου Ραγκαβᾶ τὸ μνημόσυνον τοῦ ΝΙΚΟΛΑΟΥ ΓΡΗΓΟΡΙΟΥ. Τελοῦμεν αὔριον τὸ ἐτήσιον μνημόσυνον τοῦ ΔΗΜΗΤΡΙΟΥ ΛΑΖΑΡΙΔΗ.

ΣΤΑΥΡΟΛΕΞΟΝ ΑΡ. 1537
	1	2	3	4	5	6	7	8	9
1									
2									
3									
4									
5									
6									
7									
8									
9									

Ὁριζοντίως: 1) Ἀρχαῖος Ἕλλην ποιητής. 2) Τὸ σῶμα τοῦ ἀνθρώπου. 3) Ἀρχὴ τῆς ἡμέρας. 4) Ποταμὸς τῆς Ἀσίας. 5) Ἑλληνικὴ νῆσος. 6) Συντομογραφία. 7) Κοινὸν ὄνομα. 8) Ζῷον. 9) Μουσικὸν ὄργανον. Καθέτως: 1) Ἀρχαία πόλις. 2) Ὄνομα γυναικός. 3) Φυτόν. 4) Μετάλλευμα. 5) Ῥῆμα. 6) Ἄρθρον. 7) Ἀγαθόν. 8) Χρῶμα. 9) Ὄνομα ποταμοῦ.

Δρομολόγια
ΠΑΣΧΑ ΕΙΣ ΚΩΝΣΤΑΝΤΙΝΟΥΠΟΛΙΝ
ΜΕ ΠΟΥΛΜΑΝ
Πληροφορίαι — Προγράμματα
ΠΑΡΘΕΝΩΝ	ΔΡΟΜΟΝΕΣ
ΔΡΟΜΟΛΟΓΙΑ ΑΡΓΟΣΑΡΩΝΙΚΟΥ
ΝΕΡΑ-ΙΔΑ — ΠΙΝΔΟΣ ΜΑΧΗ — ΧΑΡΑ

ΣΑΒΒΑΤΟΝ: 8 π.μ. ΠΙΝΔΟΣ Αἴγιναν, Μέθανα, Πόρον, Ὕδραν, Ἑρμιόνην, Σπέτσας. 9 π.μ. ΝΕΡΑ-ΙΔΑ Αἴγιναν, Πόρον, Ὕδραν, Σπέτσας. 2.30 μ.μ. ΧΑΡΑ Αἴγιναν. 4 μ.μ. ΜΑΧΗ Αἴγιναν, Μέθανα, Πόρον. ΚΥΡΙΑΚΗΝ: 7.45 π.μ. ΧΑΡΑ Αἴγιναν. 8 π.μ. ΠΙΝΔΟΣ Αἴγιναν, Μέθανα, Πόρον, Ὕδραν, Σπέτσας, Λεωνίδιον. 9 π.μ. ΝΕΡΑ-ΙΔΑ Πόρον, Ὕδραν, Σπέτσας. 5.30 μ.μ. ΧΑΡΑ Αἴγιναν. Πληροφορίαι: Πρακτορεῖον Πειραιῶς.

ΚΤΕΛ ΑΡΓΟΣΑΡΩΝΙΚΟΥ

Ἀναχωρήσεις λεωφορείων καθ᾽ ἑκάστην ἀπὸ τὸν σταθμὸν Κηφισσοῦ.

ΡΟΥΣΑ ΠΑΠΤΗ ΚΩΝΣΤΑΝΤΙΝΙΔΟΥ
ΙΑΤΡΟΣ

Μαιευτὴρ — Γυναικολόγος. Δέχεται καθ᾽ ἑκάστην.

ΑΤΜΟΠΛΟΙΑ ΤΥΠΑΛΔΟΥ
ΓΡΑΜΜΑΙ ΕΣΩΤΕΡΙΚΟΥ
«ΕΛΛΗ»

Δευτέραν, Τετάρτην, Παρασκευήν, 6 μ.μ. Χίον — Μυτιλήνην.

«ΑΓΓΕΛΙΚΑ»

Σάββατον 8 μ.μ. διὰ Χανιά, Ρέθυμνον, Ἡράκλειον. Τρίτην 5 μ.μ. Χίον, Μυτιλήνην, Σάμον, Ἰκαρίαν.

«ΛΗΜΝΟΣ»

Ταχύπλοον 18 ὥραι — Τόννοι 2.000. Τετάρτην 6 μ.μ. διὰ Βόρειον Αἰγαῖον.

ΓΡΑΜΜΑΙ ΕΣΩΤΕΡΙΚΟΥ
«ΑΘΗΝΑΙ»

Ἀναχωρεῖ Δευτέραν 12 μ. διὰ Βενετίαν, Πειραιᾶ, Κέρκυραν. Ἀφικνεῖται Πειραιᾶ 21 Μαΐου.

Α/Π «ΚΡΗΤΗ»

Ἐκάστην Δευτέραν 9 μ.μ. κατ᾽ εὐθεῖαν Κωνσταντινούπολιν. Πληροφορίαι Πειραιεὺς.
